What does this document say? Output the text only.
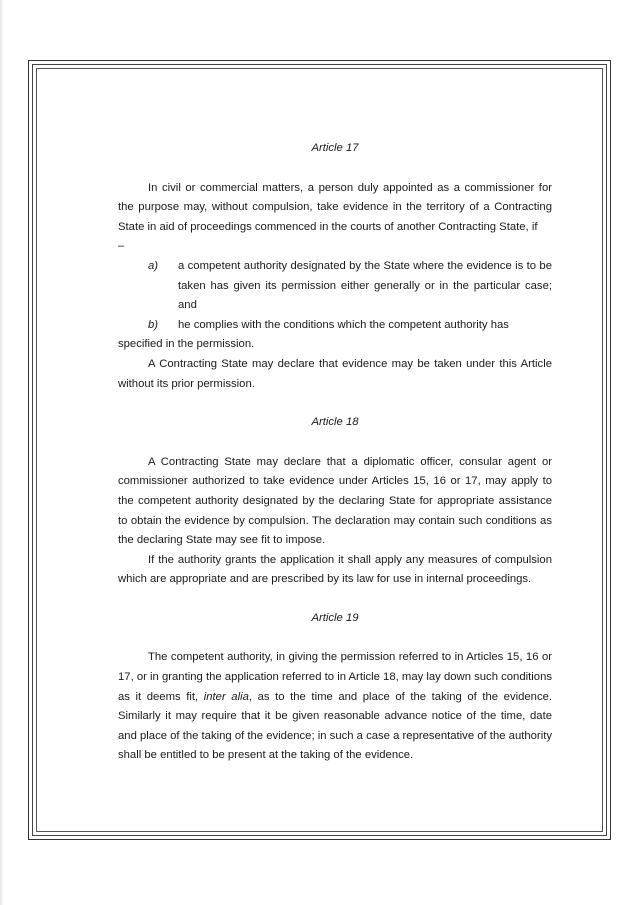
Article 17

In civil or commercial matters, a person duly appointed as a commissioner for the purpose may, without compulsion, take evidence in the territory of a Contracting State in aid of proceedings commenced in the courts of another Contracting State, if

–

a)	a competent authority designated by the State where the evidence is to be taken has given its permission either generally or in the particular case; and
b)	he complies with the conditions which the competent authority has

specified in the permission.

A Contracting State may declare that evidence may be taken under this Article without its prior permission.

Article 18

A Contracting State may declare that a diplomatic officer, consular agent or commissioner authorized to take evidence under Articles 15, 16 or 17, may apply to the competent authority designated by the declaring State for appropriate assistance to obtain the evidence by compulsion. The declaration may contain such conditions as the declaring State may see fit to impose.

If the authority grants the application it shall apply any measures of compulsion which are appropriate and are prescribed by its law for use in internal proceedings.

Article 19

The competent authority, in giving the permission referred to in Articles 15, 16 or 17, or in granting the application referred to in Article 18, may lay down such conditions as it deems fit, inter alia, as to the time and place of the taking of the evidence. Similarly it may require that it be given reasonable advance notice of the time, date and place of the taking of the evidence; in such a case a representative of the authority shall be entitled to be present at the taking of the evidence.
